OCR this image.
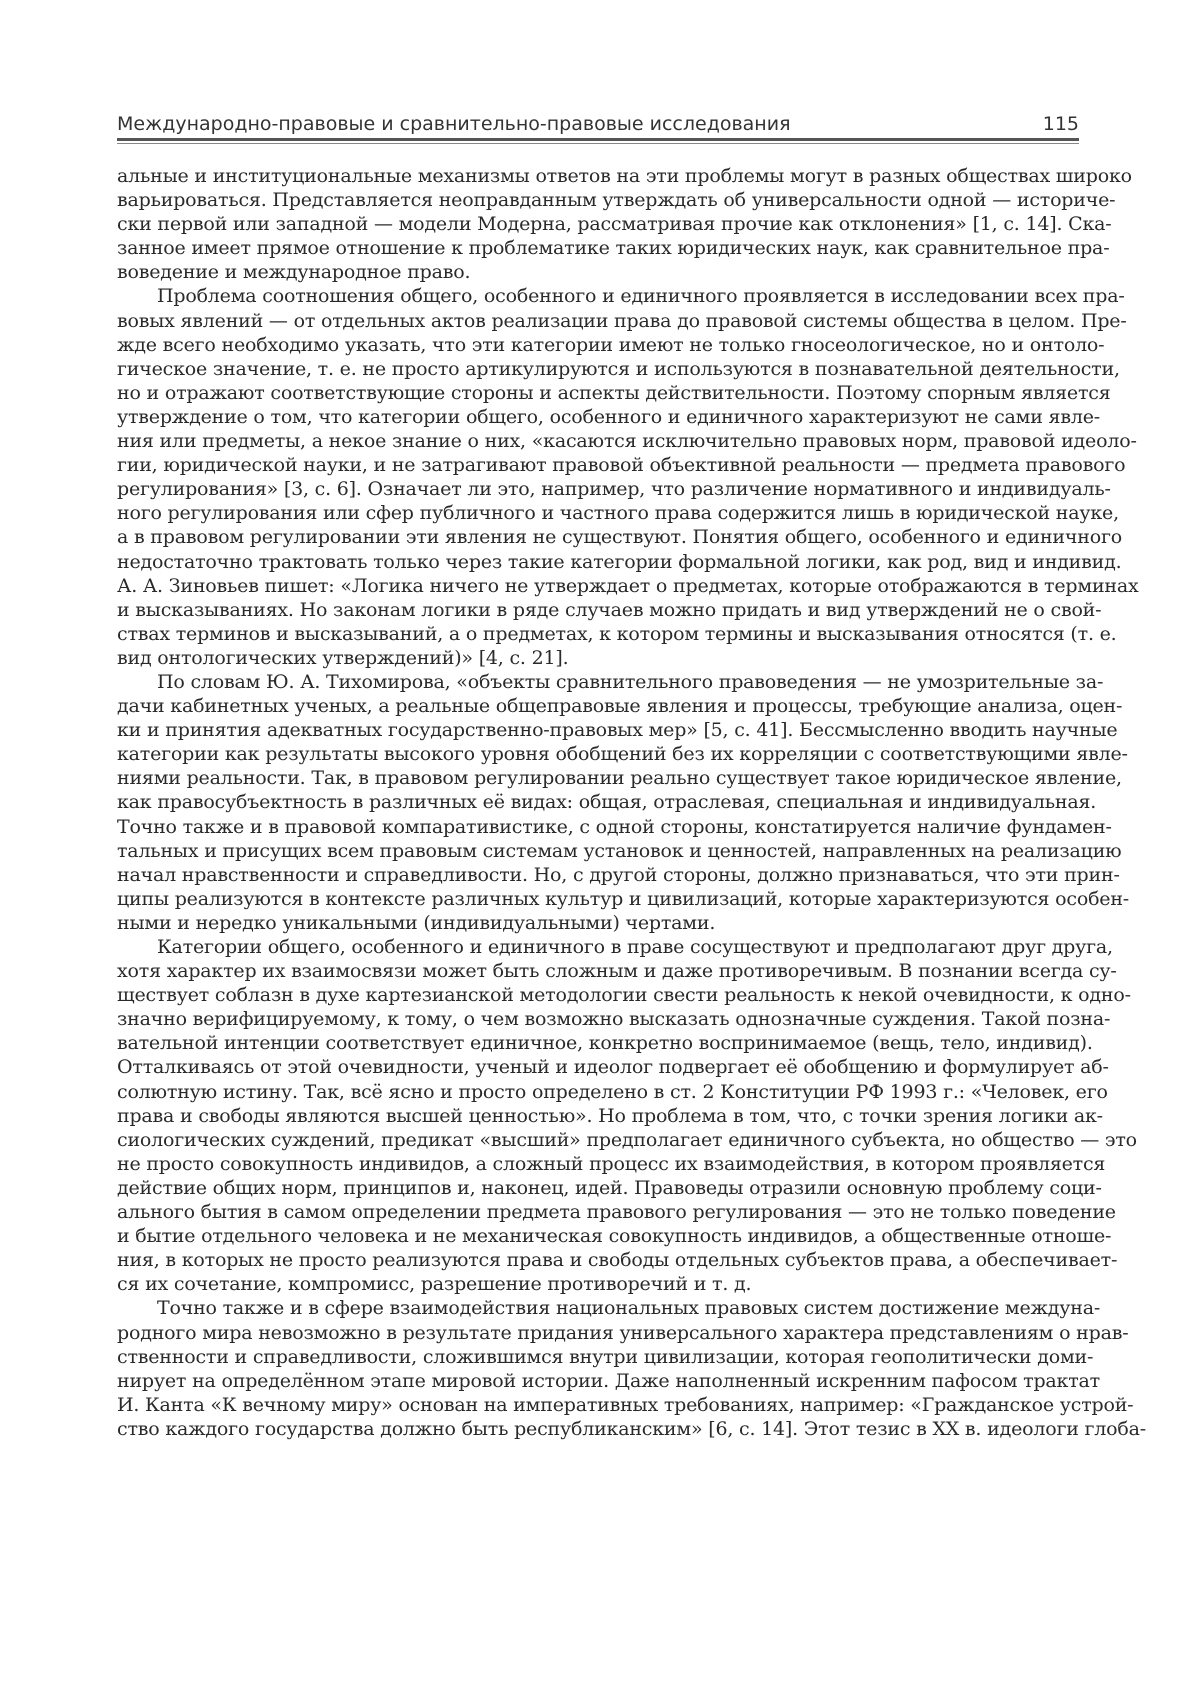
Международно-правовые и сравнительно-правовые исследования	115
альные и институциональные механизмы ответов на эти проблемы могут в разных обществах широко
варьироваться. Представляется неоправданным утверждать об универсальности одной — историче-
ски первой или западной — модели Модерна, рассматривая прочие как отклонения» [1, с. 14]. Ска-
занное имеет прямое отношение к проблематике таких юридических наук, как сравнительное пра-
воведение и международное право.
Проблема соотношения общего, особенного и единичного проявляется в исследовании всех пра-
вовых явлений — от отдельных актов реализации права до правовой системы общества в целом. Пре-
жде всего необходимо указать, что эти категории имеют не только гносеологическое, но и онтоло-
гическое значение, т. е. не просто артикулируются и используются в познавательной деятельности,
но и отражают соответствующие стороны и аспекты действительности. Поэтому спорным является
утверждение о том, что категории общего, особенного и единичного характеризуют не сами явле-
ния или предметы, а некое знание о них, «касаются исключительно правовых норм, правовой идеоло-
гии, юридической науки, и не затрагивают правовой объективной реальности — предмета правового
регулирования» [3, с. 6]. Означает ли это, например, что различение нормативного и индивидуаль-
ного регулирования или сфер публичного и частного права содержится лишь в юридической науке,
а в правовом регулировании эти явления не существуют. Понятия общего, особенного и единичного
недостаточно трактовать только через такие категории формальной логики, как род, вид и индивид.
А. А. Зиновьев пишет: «Логика ничего не утверждает о предметах, которые отображаются в терминах
и высказываниях. Но законам логики в ряде случаев можно придать и вид утверждений не о свой-
ствах терминов и высказываний, а о предметах, к котором термины и высказывания относятся (т. е.
вид онтологических утверждений)» [4, с. 21].
По словам Ю. А. Тихомирова, «объекты сравнительного правоведения — не умозрительные за-
дачи кабинетных ученых, а реальные общеправовые явления и процессы, требующие анализа, оцен-
ки и принятия адекватных государственно-правовых мер» [5, с. 41]. Бессмысленно вводить научные
категории как результаты высокого уровня обобщений без их корреляции с соответствующими явле-
ниями реальности. Так, в правовом регулировании реально существует такое юридическое явление,
как правосубъектность в различных её видах: общая, отраслевая, специальная и индивидуальная.
Точно также и в правовой компаративистике, с одной стороны, констатируется наличие фундамен-
тальных и присущих всем правовым системам установок и ценностей, направленных на реализацию
начал нравственности и справедливости. Но, с другой стороны, должно признаваться, что эти прин-
ципы реализуются в контексте различных культур и цивилизаций, которые характеризуются особен-
ными и нередко уникальными (индивидуальными) чертами.
Категории общего, особенного и единичного в праве сосуществуют и предполагают друг друга,
хотя характер их взаимосвязи может быть сложным и даже противоречивым. В познании всегда су-
ществует соблазн в духе картезианской методологии свести реальность к некой очевидности, к одно-
значно верифицируемому, к тому, о чем возможно высказать однозначные суждения. Такой позна-
вательной интенции соответствует единичное, конкретно воспринимаемое (вещь, тело, индивид).
Отталкиваясь от этой очевидности, ученый и идеолог подвергает её обобщению и формулирует аб-
солютную истину. Так, всё ясно и просто определено в ст. 2 Конституции РФ 1993 г.: «Человек, его
права и свободы являются высшей ценностью». Но проблема в том, что, с точки зрения логики ак-
сиологических суждений, предикат «высший» предполагает единичного субъекта, но общество — это
не просто совокупность индивидов, а сложный процесс их взаимодействия, в котором проявляется
действие общих норм, принципов и, наконец, идей. Правоведы отразили основную проблему соци-
ального бытия в самом определении предмета правового регулирования — это не только поведение
и бытие отдельного человека и не механическая совокупность индивидов, а общественные отноше-
ния, в которых не просто реализуются права и свободы отдельных субъектов права, а обеспечивает-
ся их сочетание, компромисс, разрешение противоречий и т. д.
Точно также и в сфере взаимодействия национальных правовых систем достижение междуна-
родного мира невозможно в результате придания универсального характера представлениям о нрав-
ственности и справедливости, сложившимся внутри цивилизации, которая геополитически доми-
нирует на определённом этапе мировой истории. Даже наполненный искренним пафосом трактат
И. Канта «К вечному миру» основан на императивных требованиях, например: «Гражданское устрой-
ство каждого государства должно быть республиканским» [6, с. 14]. Этот тезис в XX в. идеологи глоба-
